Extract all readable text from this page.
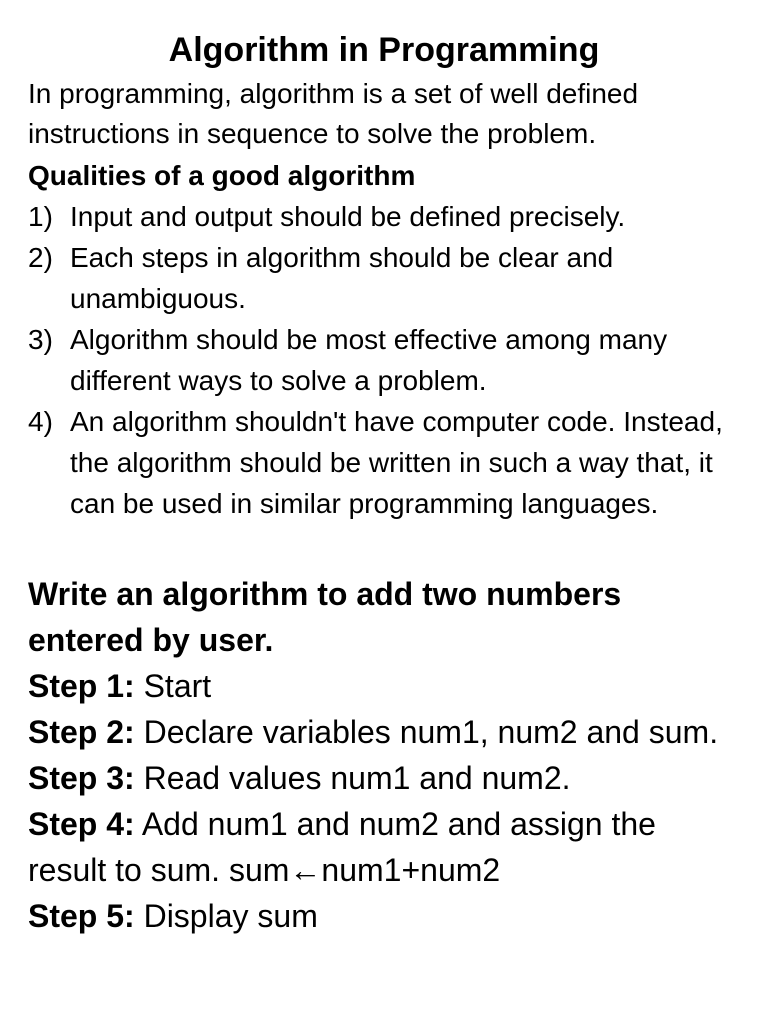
Algorithm in Programming

In programming, algorithm is a set of well defined instructions in sequence to solve the problem.

Qualities of a good algorithm

1) Input and output should be defined precisely.
2) Each steps in algorithm should be clear and unambiguous.
3) Algorithm should be most effective among many different ways to solve a problem.
4) An algorithm shouldn't have computer code. Instead, the algorithm should be written in such a way that, it can be used in similar programming languages.

Write an algorithm to add two numbers entered by user.

Step 1: Start

Step 2: Declare variables num1, num2 and sum.

Step 3: Read values num1 and num2.

Step 4: Add num1 and num2 and assign the result to sum. sum←num1+num2

Step 5: Display sum
